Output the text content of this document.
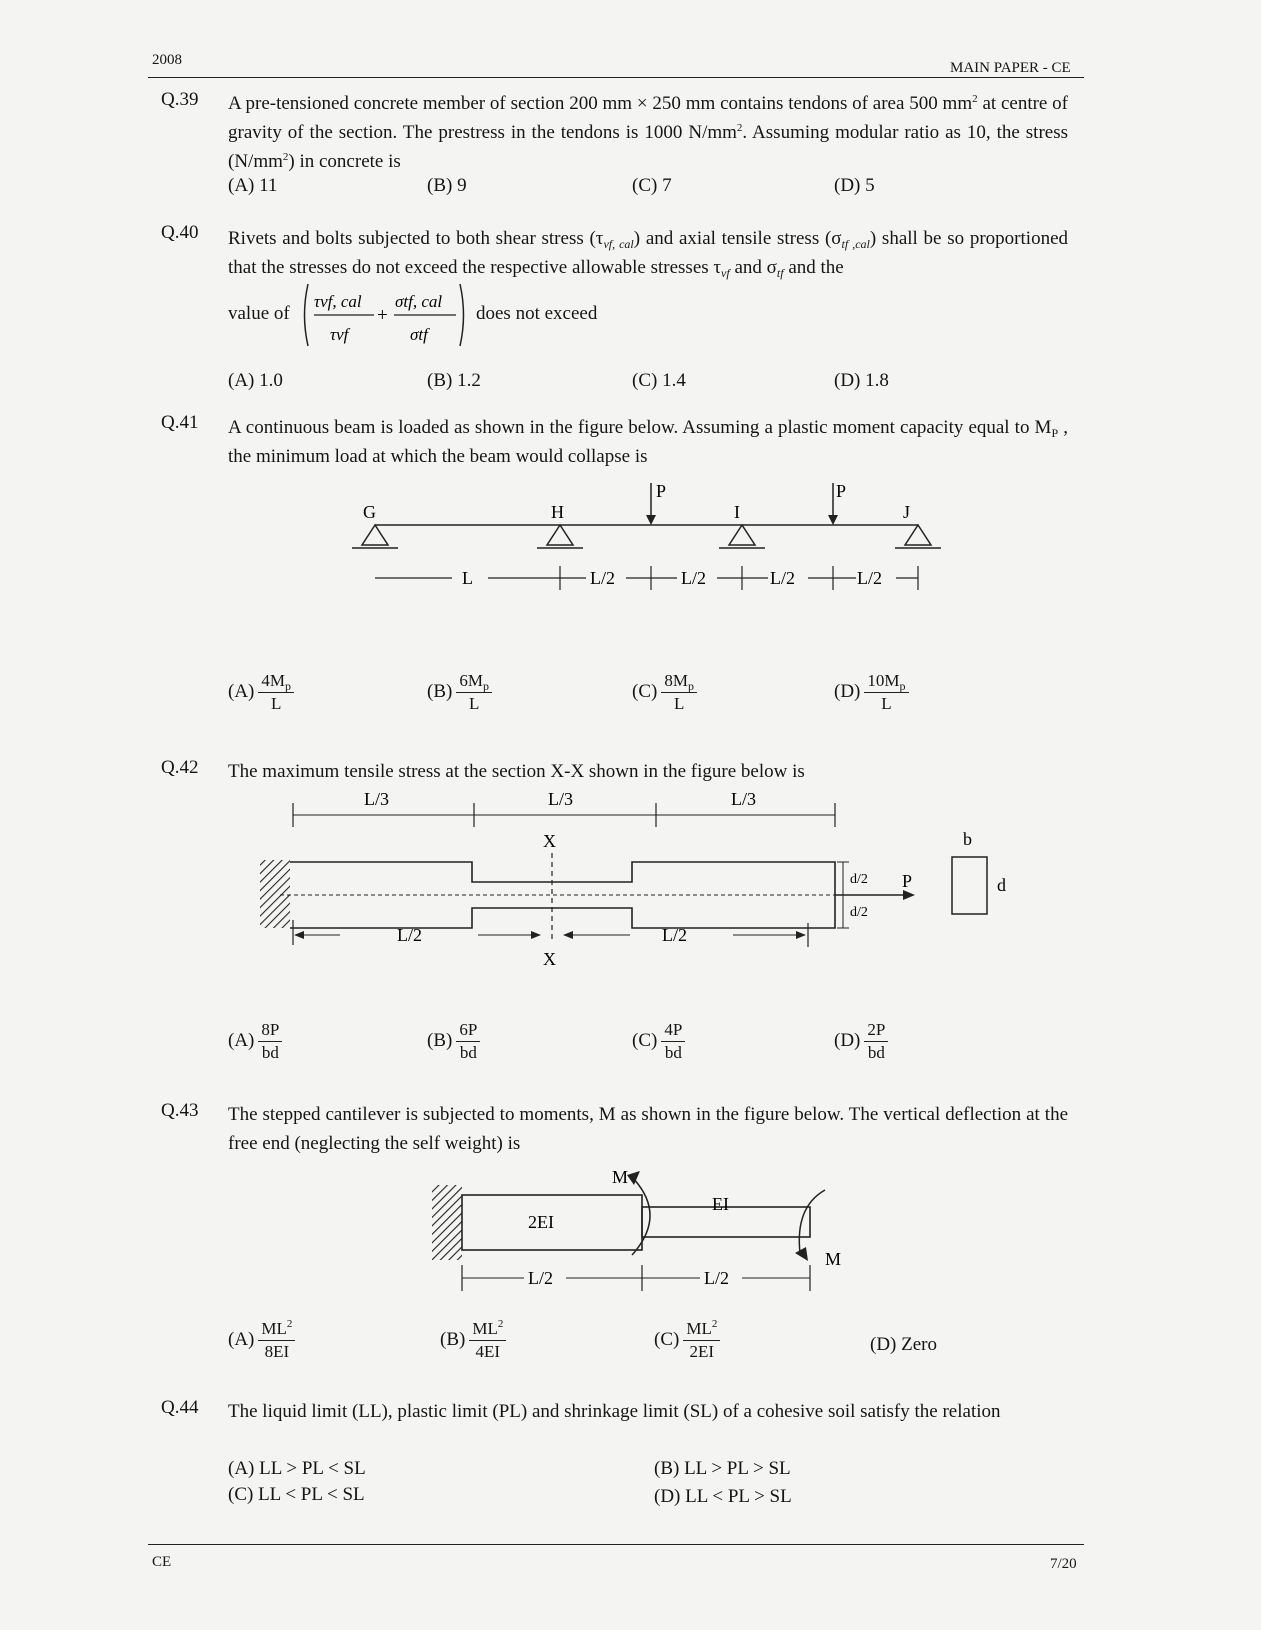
2008	MAIN PAPER - CE
Q.39 A pre-tensioned concrete member of section 200 mm × 250 mm contains tendons of area 500 $mm^2$ at centre of gravity of the section. The prestress in the tendons is 1000 $N/mm^2$. Assuming modular ratio as 10, the stress $(N/mm^2)$ in concrete is
(A) 11	(B) 9	(C) 7	(D) 5
Q.40 Rivets and bolts subjected to both shear stress $(\tau_{vf, cal})$ and axial tensile stress $(\sigma_{tf ,cal})$ shall be so proportioned that the stresses do not exceed the respective allowable stresses $\tau_{vf}$ and $\sigma_{tf}$ and the
value of
τvf, cal
τvf
+
σtf, cal
σtf
does not exceed
(A) 1.0	(B) 1.2	(C) 1.4	(D) 1.8
Q.41 A continuous beam is loaded as shown in the figure below. Assuming a plastic moment capacity equal to $M_P$ , the minimum load at which the beam would collapse is
G	H	I	J
P	P
L	L/2	L/2	L/2	L/2
$(A) \frac{4M_p}{L}$	$(B) \frac{6M_p}{L}$	$(C) \frac{8M_p}{L}$	$(D) \frac{10M_p}{L}$
Q.42 The maximum tensile stress at the section X-X shown in the figure below is
L/3	L/3	L/3
X
P
d/2
d/2
b
d
L/2	L/2
X
$(A) \frac{8P}{bd}$	$(B) \frac{6P}{bd}$	$(C) \frac{4P}{bd}$	$(D) \frac{2P}{bd}$
Q.43 The stepped cantilever is subjected to moments, M as shown in the figure below. The vertical deflection at the free end (neglecting the self weight) is
2EI
EI
M
M
L/2	L/2
$(A) \frac{ML^2}{8EI}$	$(B) \frac{ML^2}{4EI}$	$(C) \frac{ML^2}{2EI}$	(D) Zero
Q.44 The liquid limit (LL), plastic limit (PL) and shrinkage limit (SL) of a cohesive soil satisfy the relation
(A) LL > PL < SL	(B) LL > PL > SL
(C) LL < PL < SL	(D) LL < PL > SL
CE	7/20
